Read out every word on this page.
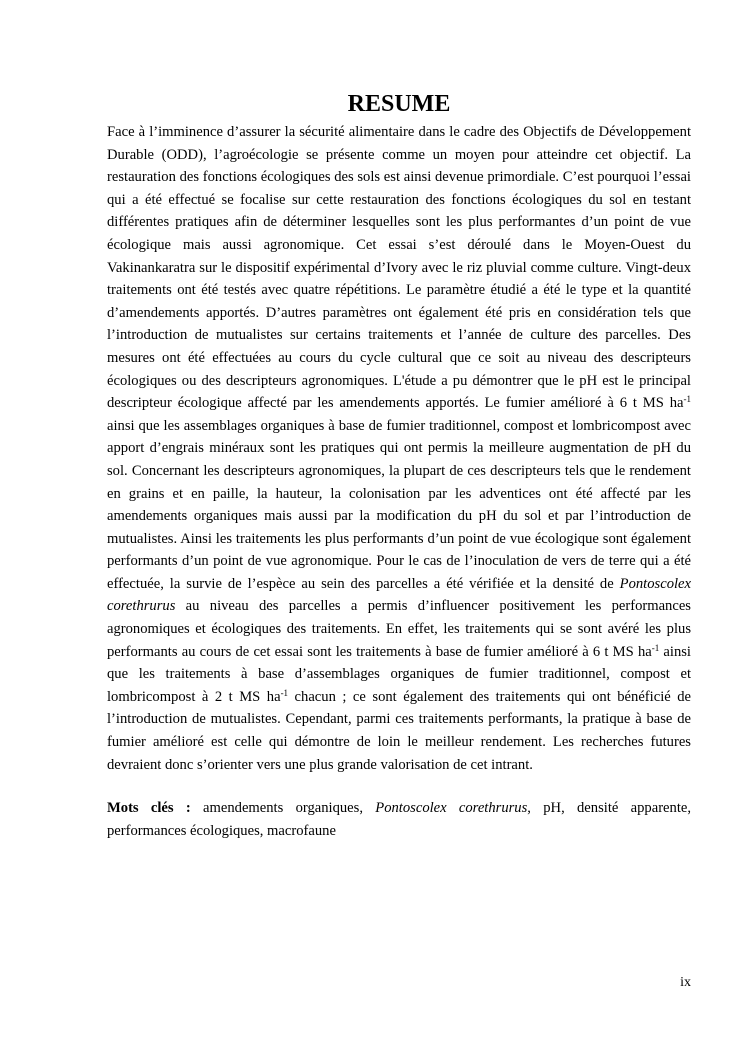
RESUME

Face à l’imminence d’assurer la sécurité alimentaire dans le cadre des Objectifs de Développement Durable (ODD), l’agroécologie se présente comme un moyen pour atteindre cet objectif. La restauration des fonctions écologiques des sols est ainsi devenue primordiale. C’est pourquoi l’essai qui a été effectué se focalise sur cette restauration des fonctions écologiques du sol en testant différentes pratiques afin de déterminer lesquelles sont les plus performantes d’un point de vue écologique mais aussi agronomique. Cet essai s’est déroulé dans le Moyen-Ouest du Vakinankaratra sur le dispositif expérimental d’Ivory avec le riz pluvial comme culture. Vingt-deux traitements ont été testés avec quatre répétitions. Le paramètre étudié a été le type et la quantité d’amendements apportés. D’autres paramètres ont également été pris en considération tels que l’introduction de mutualistes sur certains traitements et l’année de culture des parcelles. Des mesures ont été effectuées au cours du cycle cultural que ce soit au niveau des descripteurs écologiques ou des descripteurs agronomiques. L'étude a pu démontrer que le pH est le principal descripteur écologique affecté par les amendements apportés. Le fumier amélioré à 6 t MS $ha^{-1}$ ainsi que les assemblages organiques à base de fumier traditionnel, compost et lombricompost avec apport d’engrais minéraux sont les pratiques qui ont permis la meilleure augmentation de pH du sol. Concernant les descripteurs agronomiques, la plupart de ces descripteurs tels que le rendement en grains et en paille, la hauteur, la colonisation par les adventices ont été affecté par les amendements organiques mais aussi par la modification du pH du sol et par l’introduction de mutualistes. Ainsi les traitements les plus performants d’un point de vue écologique sont également performants d’un point de vue agronomique. Pour le cas de l’inoculation de vers de terre qui a été effectuée, la survie de l’espèce au sein des parcelles a été vérifiée et la densité de Pontoscolex corethrurus au niveau des parcelles a permis d’influencer positivement les performances agronomiques et écologiques des traitements. En effet, les traitements qui se sont avéré les plus performants au cours de cet essai sont les traitements à base de fumier amélioré à 6 t MS $ha^{-1}$ ainsi que les traitements à base d’assemblages organiques de fumier traditionnel, compost et lombricompost à 2 t MS $ha^{-1}$ chacun ; ce sont également des traitements qui ont bénéficié de l’introduction de mutualistes. Cependant, parmi ces traitements performants, la pratique à base de fumier amélioré est celle qui démontre de loin le meilleur rendement. Les recherches futures devraient donc s’orienter vers une plus grande valorisation de cet intrant.

Mots clés : amendements organiques, Pontoscolex corethrurus, pH, densité apparente, performances écologiques, macrofaune

ix
